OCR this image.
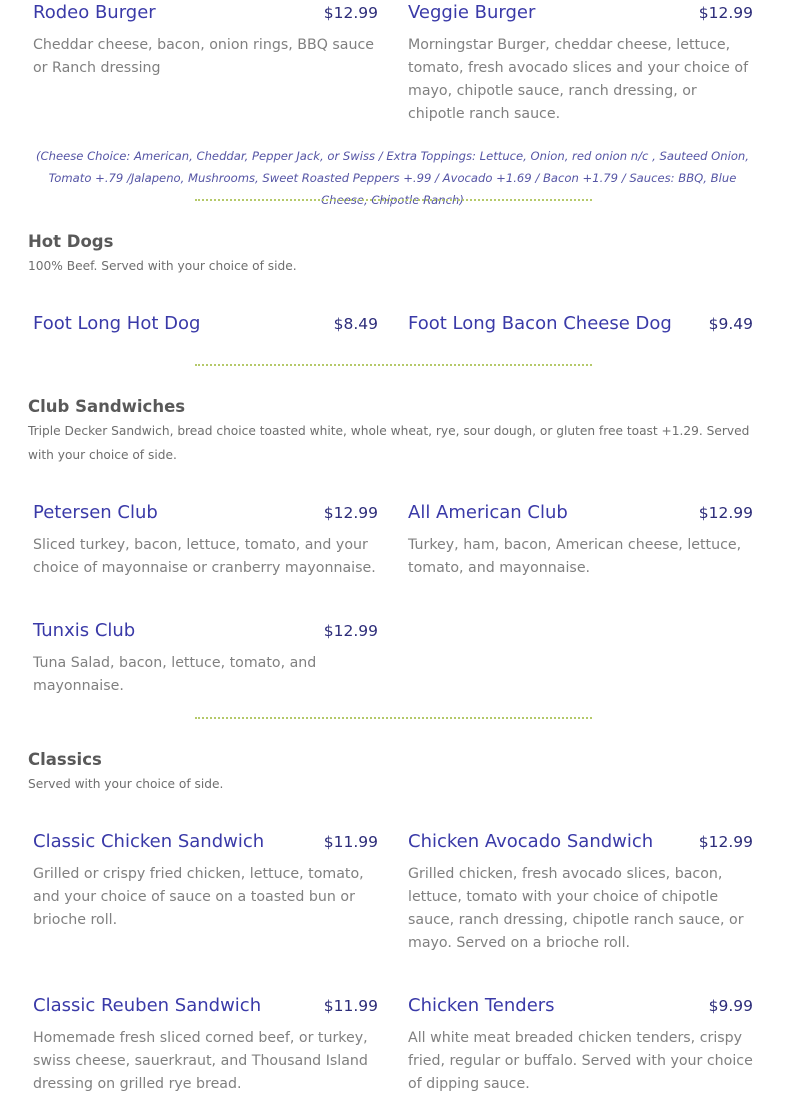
Rodeo Burger	$12.99
Cheddar cheese, bacon, onion rings, BBQ sauce or Ranch dressing
Veggie Burger	$12.99
Morningstar Burger, cheddar cheese, lettuce, tomato, fresh avocado slices and your choice of mayo, chipotle sauce, ranch dressing, or chipotle ranch sauce.
(Cheese Choice: American, Cheddar, Pepper Jack, or Swiss / Extra Toppings: Lettuce, Onion, red onion n/c , Sauteed Onion, Tomato +.79 /Jalapeno, Mushrooms, Sweet Roasted Peppers +.99 / Avocado +1.69 / Bacon +1.79 / Sauces: BBQ, Blue Cheese, Chipotle Ranch)
Hot Dogs
100% Beef. Served with your choice of side.
Foot Long Hot Dog	$8.49 Foot Long Bacon Cheese Dog	$9.49
Club Sandwiches
Triple Decker Sandwich, bread choice toasted white, whole wheat, rye, sour dough, or gluten free toast +1.29. Served with your choice of side.
Petersen Club	$12.99
Sliced turkey, bacon, lettuce, tomato, and your choice of mayonnaise or cranberry mayonnaise.
All American Club	$12.99
Turkey, ham, bacon, American cheese, lettuce, tomato, and mayonnaise.
Tunxis Club	$12.99
Tuna Salad, bacon, lettuce, tomato, and mayonnaise.
Classics
Served with your choice of side.
Classic Chicken Sandwich	$11.99
Grilled or crispy fried chicken, lettuce, tomato, and your choice of sauce on a toasted bun or brioche roll.
Chicken Avocado Sandwich	$12.99
Grilled chicken, fresh avocado slices, bacon, lettuce, tomato with your choice of chipotle sauce, ranch dressing, chipotle ranch sauce, or mayo. Served on a brioche roll.
Classic Reuben Sandwich	$11.99
Homemade fresh sliced corned beef, or turkey, swiss cheese, sauerkraut, and Thousand Island dressing on grilled rye bread.
Chicken Tenders	$9.99
All white meat breaded chicken tenders, crispy fried, regular or buffalo. Served with your choice of dipping sauce.
